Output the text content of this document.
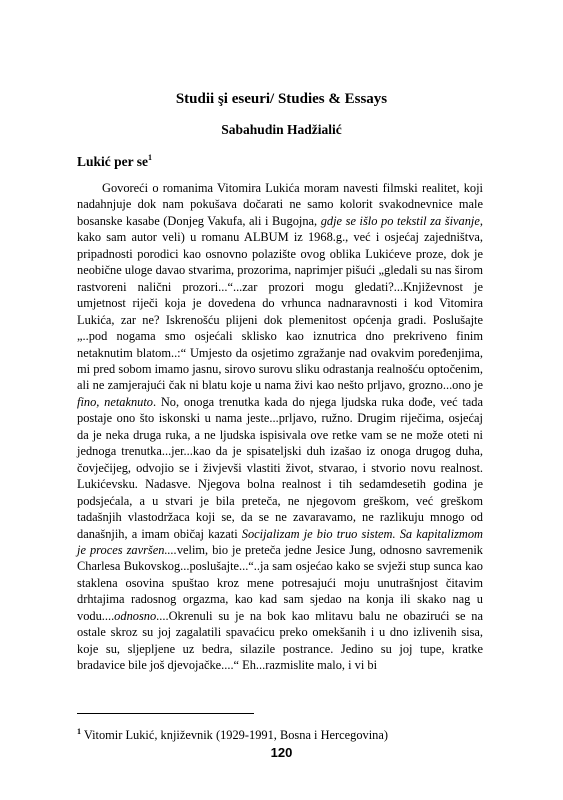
Studii şi eseuri/ Studies & Essays
Sabahudin Hadžialić
Lukić per $se^1$
Govoreći o romanima Vitomira Lukića moram navesti filmski realitet, koji nadahnjuje dok nam pokušava dočarati ne samo kolorit svakodnevnice male bosanske kasabe (Donjeg Vakufa, ali i Bugojna, gdje se išlo po tekstil za šivanje, kako sam autor veli) u romanu ALBUM iz 1968.g., već i osjećaj zajedništva, pripadnosti porodici kao osnovno polazište ovog oblika Lukićeve proze, dok je neobične uloge davao stvarima, prozorima, naprimjer pišući „gledali su nas širom rastvoreni nalični prozori...“...zar prozori mogu gledati?...Književnost je umjetnost riječi koja je dovedena do vrhunca nadnaravnosti i kod Vitomira Lukića, zar ne? Iskrenošću plijeni dok plemenitost općenja gradi. Poslušajte „..pod nogama smo osjećali sklisko kao iznutrica dno prekriveno finim netaknutim blatom..:“ Umjesto da osjetimo zgražanje nad ovakvim poređenjima, mi pred sobom imamo jasnu, sirovo surovu sliku odrastanja realnošću optočenim, ali ne zamjerajući čak ni blatu koje u nama živi kao nešto prljavo, grozno...ono je fino, netaknuto. No, onoga trenutka kada do njega ljudska ruka dođe, već tada postaje ono što iskonski u nama jeste...prljavo, ružno. Drugim riječima, osjećaj da je neka druga ruka, a ne ljudska ispisivala ove retke vam se ne može oteti ni jednoga trenutka...jer...kao da je spisateljski duh izašao iz onoga drugog duha, čovječijeg, odvojio se i živjevši vlastiti život, stvarao, i stvorio novu realnost. Lukićevsku. Nadasve. Njegova bolna realnost i tih sedamdesetih godina je podsjećala, a u stvari je bila preteča, ne njegovom greškom, već greškom tadašnjih vlastodržaca koji se, da se ne zavaravamo, ne razlikuju mnogo od današnjih, a imam običaj kazati Socijalizam je bio truo sistem. Sa kapitalizmom je proces završen....velim, bio je preteča jedne Jesice Jung, odnosno savremenik Charlesa Bukovskog...poslušajte...“..ja sam osjećao kako se svježi stup sunca kao staklena osovina spuštao kroz mene potresajući moju unutrašnjost čitavim drhtajima radosnog orgazma, kao kad sam sjedao na konja ili skako nag u vodu....odnosno....Okrenuli su je na bok kao mlitavu balu ne obazirući se na ostale skroz su joj zagalatili spavaćicu preko omekšanih i u dno izlivenih sisa, koje su, sljepljene uz bedra, silazile postrance. Jedino su joj tupe, kratke bradavice bile još djevojačke....“ Eh...razmislite malo, i vi bi
$^1$ Vitomir Lukić, književnik (1929-1991, Bosna i Hercegovina)
120
